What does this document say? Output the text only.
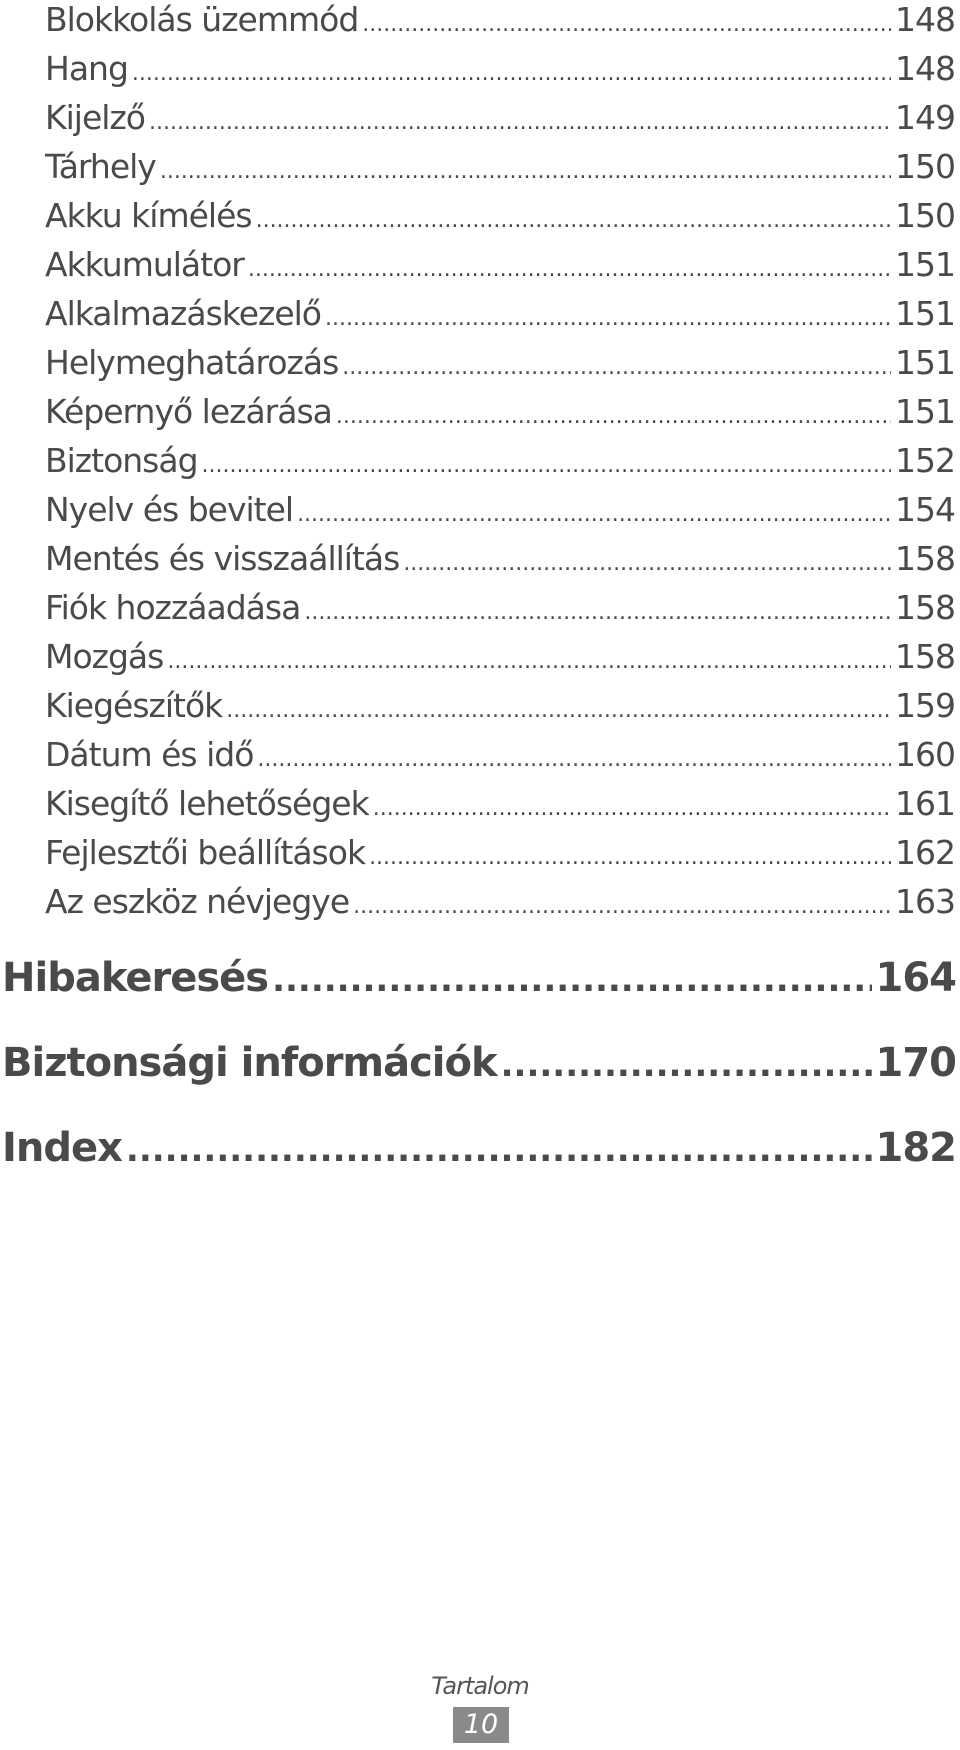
Blokkolás üzemmód .....	148
Hang .....	148
Kijelző .....	149
Tárhely .....	150
Akku kímélés .....	150
Akkumulátor .....	151
Alkalmazáskezelő .....	151
Helymeghatározás .....	151
Képernyő lezárása .....	151
Biztonság .....	152
Nyelv és bevitel .....	154
Mentés és visszaállítás .....	158
Fiók hozzáadása .....	158
Mozgás .....	158
Kiegészítők .....	159
Dátum és idő .....	160
Kisegítő lehetőségek .....	161
Fejlesztői beállítások .....	162
Az eszköz névjegye .....	163
Hibakeresés .....	164
Biztonsági információk .....	170
Index .....	182
Tartalom
10
